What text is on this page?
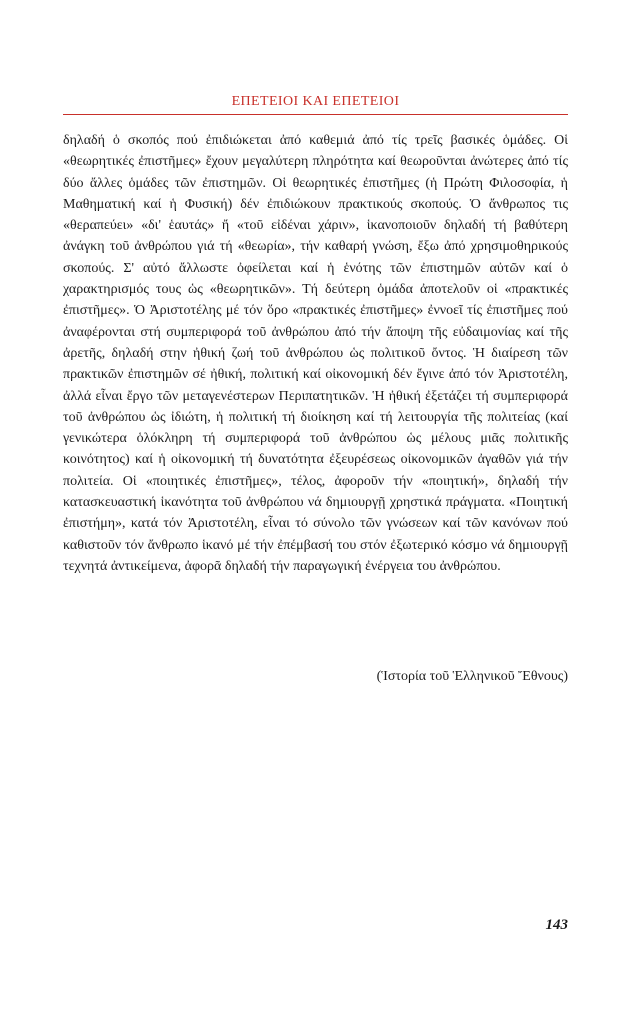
ΕΠΕΤΕΙΟΙ ΚΑΙ ΕΠΕΤΕΙΟΙ
δηλαδή ὁ σκοπός πού ἐπιδιώκεται ἀπό καθεμιά ἀπό τίς τρεῖς βασικές ὁμάδες. Οἱ «θεωρητικές ἐπιστῆμες» ἔχουν μεγαλύτερη πληρότητα καί θεωροῦνται ἀνώτερες ἀπό τίς δύο ἄλλες ὁμάδες τῶν ἐπιστημῶν. Οἱ θεωρητικές ἐπιστῆμες (ἡ Πρώτη Φιλοσοφία, ἡ Μαθηματική καί ἡ Φυσική) δέν ἐπιδιώκουν πρακτικούς σκοπούς. Ὁ ἄνθρωπος τις «θεραπεύει» «δι' ἑαυτάς» ἤ «τοῦ εἰδέναι χάριν», ἱκανοποιοῦν δηλαδή τή βαθύτερη ἀνάγκη τοῦ ἀνθρώπου γιά τή «θεωρία», τήν καθαρή γνώση, ἔξω ἀπό χρησιμοθηρικούς σκοπούς. Σ' αὐτό ἄλλωστε ὀφείλεται καί ἡ ἑνότης τῶν ἐπιστημῶν αὐτῶν καί ὁ χαρακτηρισμός τους ὡς «θεωρητικῶν». Τή δεύτερη ὁμάδα ἀποτελοῦν οἱ «πρακτικές ἐπιστῆμες». Ὁ Ἀριστοτέλης μέ τόν ὅρο «πρακτικές ἐπιστῆμες» ἐννοεῖ τίς ἐπιστῆμες πού ἀναφέρονται στή συμπεριφορά τοῦ ἀνθρώπου ἀπό τήν ἄποψη τῆς εὐδαιμονίας καί τῆς ἀρετῆς, δηλαδή στην ἠθική ζωή τοῦ ἀνθρώπου ὡς πολιτικοῦ ὄντος. Ἡ διαίρεση τῶν πρακτικῶν ἐπιστημῶν σέ ἠθική, πολιτική καί οἰκονομική δέν ἔγινε ἀπό τόν Ἀριστοτέλη, ἀλλά εἶναι ἔργο τῶν μεταγενέστερων Περιπατητικῶν. Ἡ ἠθική ἐξετάζει τή συμπεριφορά τοῦ ἀνθρώπου ὡς ἰδιώτη, ἡ πολιτική τή διοίκηση καί τή λειτουργία τῆς πολιτείας (καί γενικώτερα ὁλόκληρη τή συμπεριφορά τοῦ ἀνθρώπου ὡς μέλους μιᾶς πολιτικῆς κοινότητος) καί ἡ οἰκονομική τή δυνατότητα ἐξευρέσεως οἰκονομικῶν ἀγαθῶν γιά τήν πολιτεία. Οἱ «ποιητικές ἐπιστῆμες», τέλος, ἀφοροῦν τήν «ποιητική», δηλαδή τήν κατασκευαστική ἱκανότητα τοῦ ἀνθρώπου νά δημιουργῇ χρηστικά πράγματα. «Ποιητική ἐπιστήμη», κατά τόν Ἀριστοτέλη, εἶναι τό σύνολο τῶν γνώσεων καί τῶν κανόνων πού καθιστοῦν τόν ἄνθρωπο ἱκανό μέ τήν ἐπέμβασή του στόν ἐξωτερικό κόσμο νά δημιουργῇ τεχνητά ἀντικείμενα, ἀφορᾶ δηλαδή τήν παραγωγική ἐνέργεια του ἀνθρώπου.
(Ἱστορία τοῦ Ἑλληνικοῦ Ἔθνους)
143
